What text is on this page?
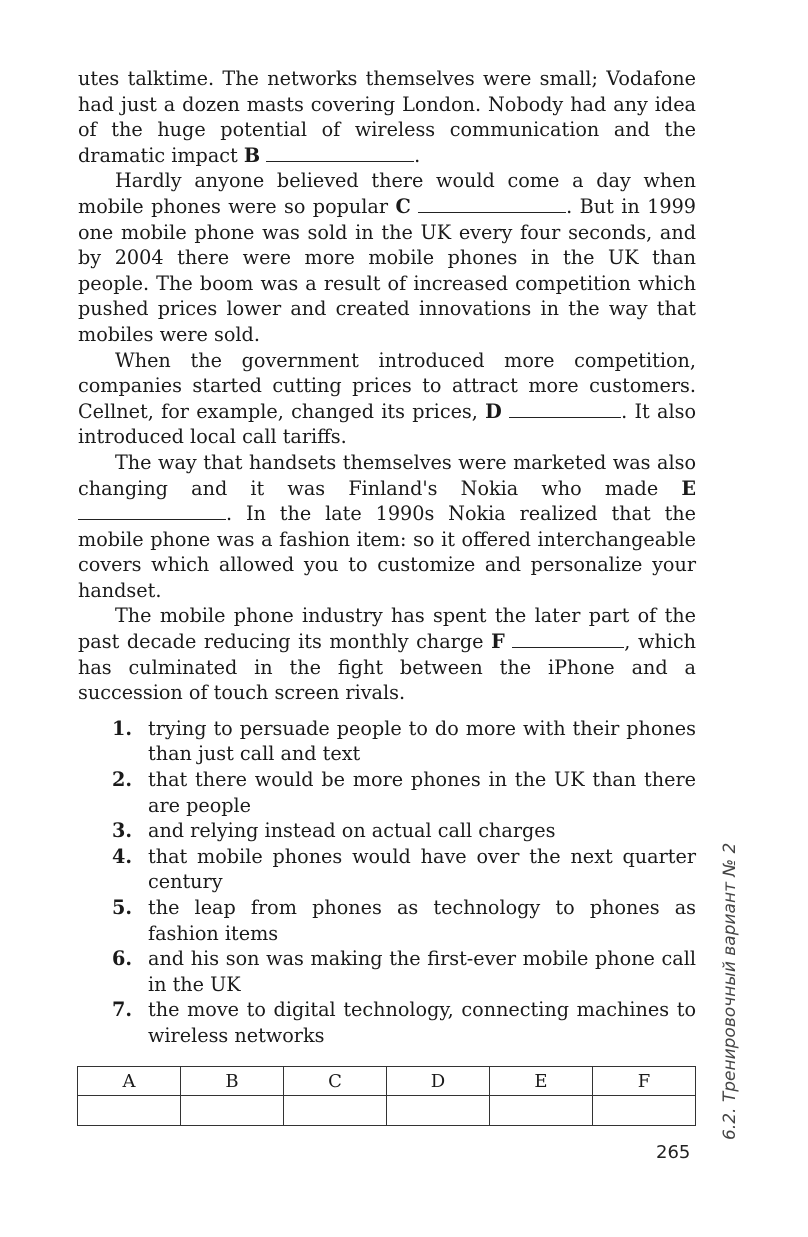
utes talktime. The networks themselves were small; Vodafone had just a dozen masts covering London. Nobody had any idea of the huge potential of wireless communication and the dramatic impact B	.

Hardly anyone believed there would come a day when mobile phones were so popular C	. But in 1999 one mobile phone was sold in the UK every four seconds, and by 2004 there were more mobile phones in the UK than people. The boom was a result of increased competition which pushed prices lower and created innovations in the way that mobiles were sold.

When the government introduced more competition, companies started cutting prices to attract more customers. Cellnet, for example, changed its prices, D	. It also introduced local call tariffs.

The way that handsets themselves were marketed was also changing and it was Finland's Nokia who made E . In the late 1990s Nokia realized that the mobile phone was a fashion item: so it offered interchangeable covers which allowed you to customize and personalize your handset.

The mobile phone industry has spent the later part of the past decade reducing its monthly charge F	, which has culminated in the fight between the iPhone and a succession of touch screen rivals.

1. trying to persuade people to do more with their phones than just call and text
2. that there would be more phones in the UK than there are people
3. and relying instead on actual call charges
4. that mobile phones would have over the next quarter century
5. the leap from phones as technology to phones as fashion items
6. and his son was making the first-ever mobile phone call in the UK
7. the move to digital technology, connecting machines to wireless networks
A	B	C	D	E	F
						6.2. Тренировочный вариант № 2
265
